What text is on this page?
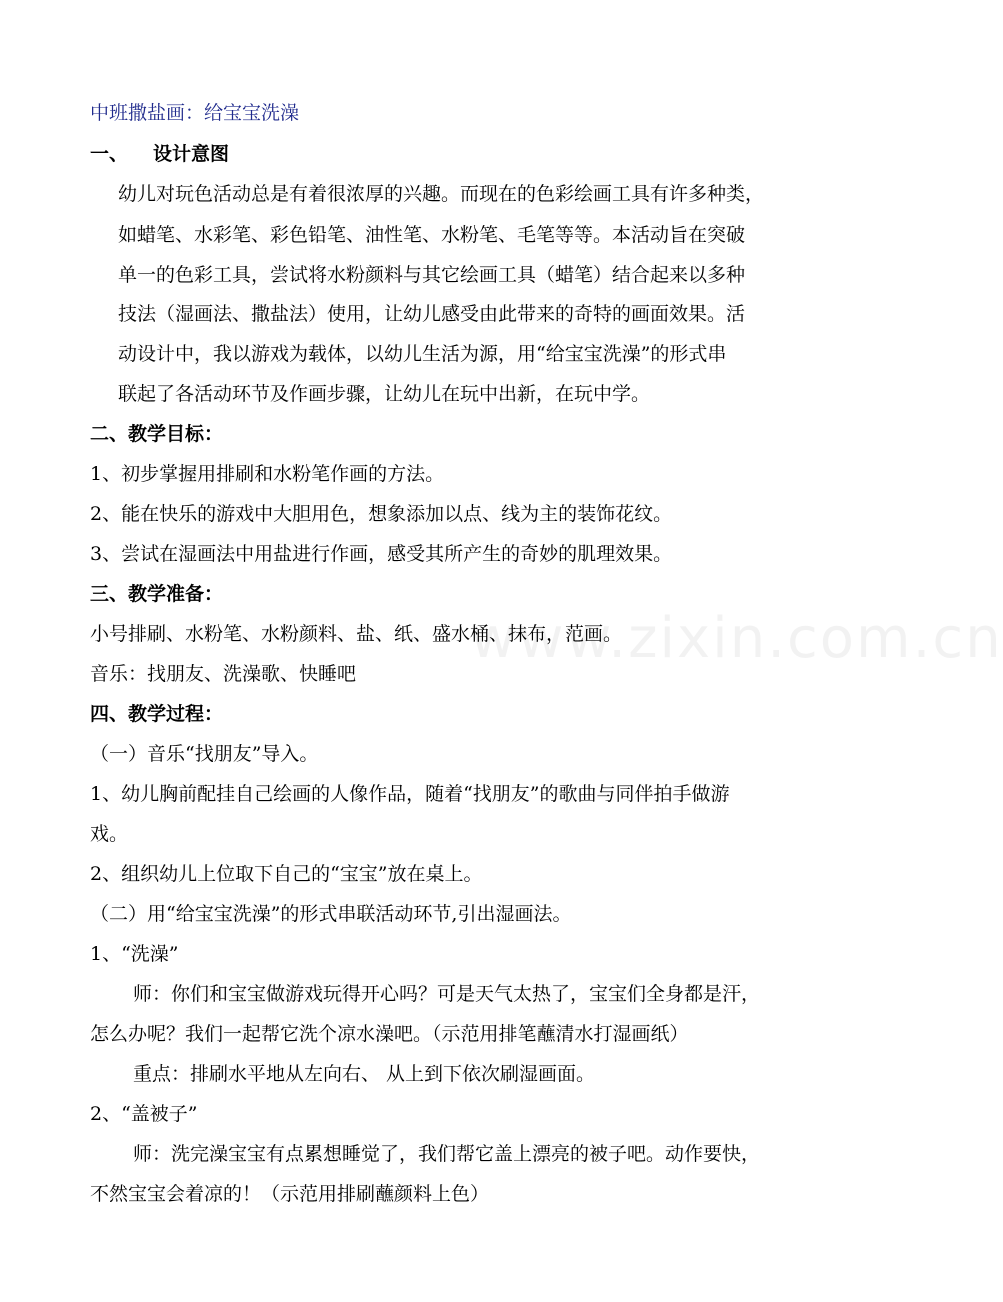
中班撒盐画：给宝宝洗澡
一、 设计意图
幼儿对玩色活动总是有着很浓厚的兴趣。而现在的色彩绘画工具有许多种类，
如蜡笔、水彩笔、彩色铅笔、油性笔、水粉笔、毛笔等等。本活动旨在突破
单一的色彩工具，尝试将水粉颜料与其它绘画工具（蜡笔）结合起来以多种
技法（湿画法、撒盐法）使用，让幼儿感受由此带来的奇特的画面效果。活
动设计中，我以游戏为载体，以幼儿生活为源，用“给宝宝洗澡”的形式串
联起了各活动环节及作画步骤，让幼儿在玩中出新，在玩中学。
二、教学目标：
1、初步掌握用排刷和水粉笔作画的方法。
2、能在快乐的游戏中大胆用色，想象添加以点、线为主的装饰花纹。
3、尝试在湿画法中用盐进行作画，感受其所产生的奇妙的肌理效果。
三、教学准备：
小号排刷、水粉笔、水粉颜料、盐、纸、盛水桶、抹布，范画。
音乐：找朋友、洗澡歌、快睡吧
四、教学过程：
（一）音乐“找朋友”导入。
1、幼儿胸前配挂自己绘画的人像作品，随着“找朋友”的歌曲与同伴拍手做游
戏。
2、组织幼儿上位取下自己的“宝宝”放在桌上。
（二）用“给宝宝洗澡”的形式串联活动环节,引出湿画法。
1、“洗澡”
师：你们和宝宝做游戏玩得开心吗？可是天气太热了，宝宝们全身都是汗，
怎么办呢？我们一起帮它洗个凉水澡吧。（示范用排笔蘸清水打湿画纸）
重点：排刷水平地从左向右、 从上到下依次刷湿画面。
2、“盖被子”
师：洗完澡宝宝有点累想睡觉了，我们帮它盖上漂亮的被子吧。动作要快，
不然宝宝会着凉的！（示范用排刷蘸颜料上色）
www.zixin.com.cn
